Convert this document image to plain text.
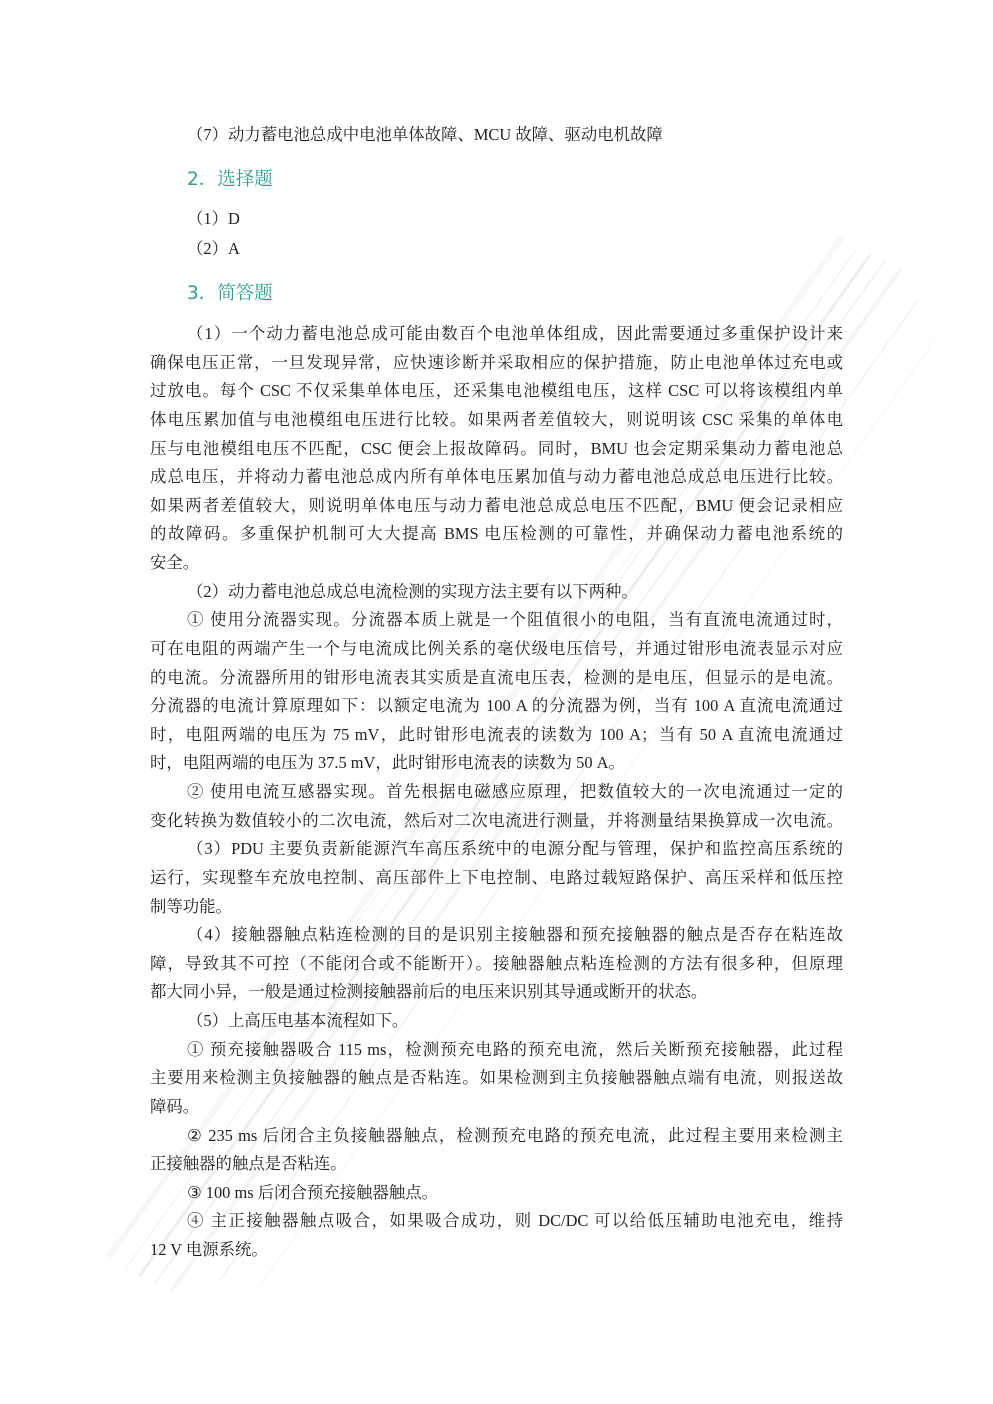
（7）动力蓄电池总成中电池单体故障、MCU 故障、驱动电机故障
2．选择题
（1）D
（2）A
3．简答题
（1）一个动力蓄电池总成可能由数百个电池单体组成，因此需要通过多重保护设计来
确保电压正常，一旦发现异常，应快速诊断并采取相应的保护措施，防止电池单体过充电或
过放电。每个 CSC 不仅采集单体电压，还采集电池模组电压，这样 CSC 可以将该模组内单
体电压累加值与电池模组电压进行比较。如果两者差值较大，则说明该 CSC 采集的单体电
压与电池模组电压不匹配，CSC 便会上报故障码。同时，BMU 也会定期采集动力蓄电池总
成总电压，并将动力蓄电池总成内所有单体电压累加值与动力蓄电池总成总电压进行比较。
如果两者差值较大，则说明单体电压与动力蓄电池总成总电压不匹配，BMU 便会记录相应
的故障码。多重保护机制可大大提高 BMS 电压检测的可靠性，并确保动力蓄电池系统的
安全。
（2）动力蓄电池总成总电流检测的实现方法主要有以下两种。
① 使用分流器实现。分流器本质上就是一个阻值很小的电阻，当有直流电流通过时，
可在电阻的两端产生一个与电流成比例关系的毫伏级电压信号，并通过钳形电流表显示对应
的电流。分流器所用的钳形电流表其实质是直流电压表，检测的是电压，但显示的是电流。
分流器的电流计算原理如下：以额定电流为 100 A 的分流器为例，当有 100 A 直流电流通过
时，电阻两端的电压为 75 mV，此时钳形电流表的读数为 100 A；当有 50 A 直流电流通过
时，电阻两端的电压为 37.5 mV，此时钳形电流表的读数为 50 A。
② 使用电流互感器实现。首先根据电磁感应原理，把数值较大的一次电流通过一定的
变化转换为数值较小的二次电流，然后对二次电流进行测量，并将测量结果换算成一次电流。
（3）PDU 主要负责新能源汽车高压系统中的电源分配与管理，保护和监控高压系统的
运行，实现整车充放电控制、高压部件上下电控制、电路过载短路保护、高压采样和低压控
制等功能。
（4）接触器触点粘连检测的目的是识别主接触器和预充接触器的触点是否存在粘连故
障，导致其不可控（不能闭合或不能断开）。接触器触点粘连检测的方法有很多种，但原理
都大同小异，一般是通过检测接触器前后的电压来识别其导通或断开的状态。
（5）上高压电基本流程如下。
① 预充接触器吸合 115 ms，检测预充电路的预充电流，然后关断预充接触器，此过程
主要用来检测主负接触器的触点是否粘连。如果检测到主负接触器触点端有电流，则报送故
障码。
② 235 ms 后闭合主负接触器触点，检测预充电路的预充电流，此过程主要用来检测主
正接触器的触点是否粘连。
③ 100 ms 后闭合预充接触器触点。
④ 主正接触器触点吸合，如果吸合成功，则 DC/DC 可以给低压辅助电池充电，维持
12 V 电源系统。
